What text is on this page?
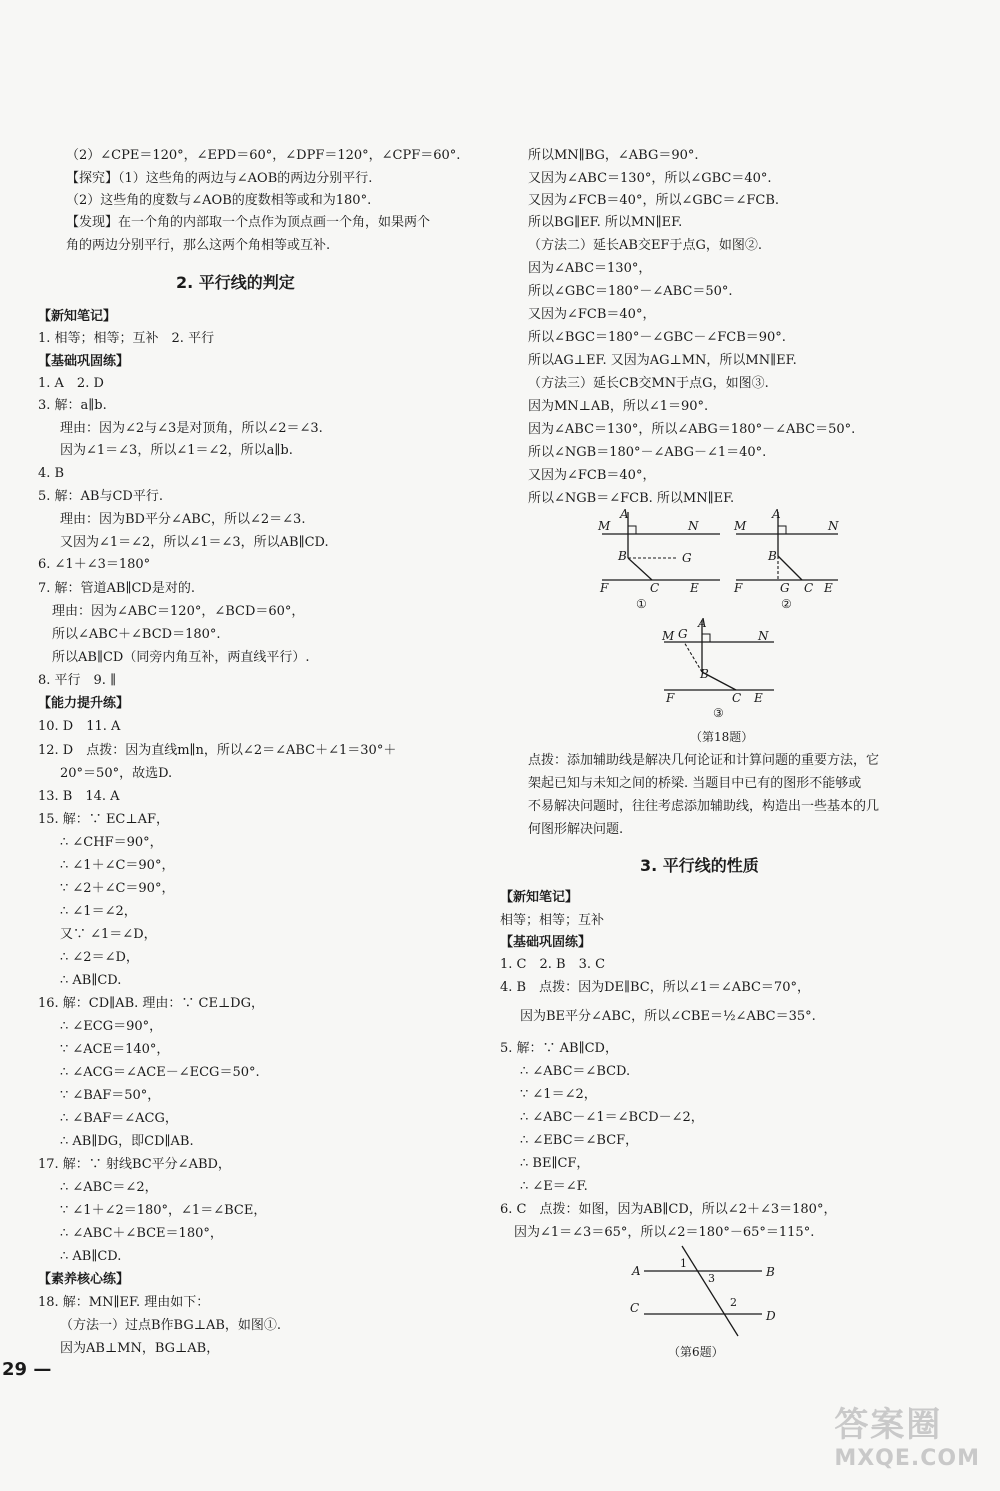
（2）∠CPE＝120°，∠EPD＝60°，∠DPF＝120°，∠CPF＝60°.
【探究】（1）这些角的两边与∠AOB的两边分别平行.
（2）这些角的度数与∠AOB的度数相等或和为180°.
【发现】在一个角的内部取一个点作为顶点画一个角，如果两个
角的两边分别平行，那么这两个角相等或互补.
2. 平行线的判定
【新知笔记】
1. 相等；相等；互补　2. 平行
【基础巩固练】
1. A　2. D
3. 解：a∥b.
理由：因为∠2与∠3是对顶角，所以∠2＝∠3.
因为∠1＝∠3，所以∠1＝∠2，所以a∥b.
4. B
5. 解：AB与CD平行.
理由：因为BD平分∠ABC，所以∠2＝∠3.
又因为∠1＝∠2，所以∠1＝∠3，所以AB∥CD.
6. ∠1＋∠3＝180°
7. 解：管道AB∥CD是对的.
理由：因为∠ABC＝120°，∠BCD＝60°，
所以∠ABC＋∠BCD＝180°.
所以AB∥CD（同旁内角互补，两直线平行）.
8. 平行　9. ∥
【能力提升练】
10. D　11. A
12. D　点拨：因为直线m∥n，所以∠2＝∠ABC＋∠1＝30°＋
20°＝50°，故选D.
13. B　14. A
15. 解：∵ EC⊥AF，
∴ ∠CHF＝90°，
∴ ∠1＋∠C＝90°，
∵ ∠2＋∠C＝90°，
∴ ∠1＝∠2，
又∵ ∠1＝∠D，
∴ ∠2＝∠D，
∴ AB∥CD.
16. 解：CD∥AB. 理由：∵ CE⊥DG，
∴ ∠ECG＝90°，
∵ ∠ACE＝140°，
∴ ∠ACG＝∠ACE－∠ECG＝50°.
∵ ∠BAF＝50°，
∴ ∠BAF＝∠ACG，
∴ AB∥DG，即CD∥AB.
17. 解：∵ 射线BC平分∠ABD，
∴ ∠ABC＝∠2，
∵ ∠1＋∠2＝180°，∠1＝∠BCE，
∴ ∠ABC＋∠BCE＝180°，
∴ AB∥CD.
【素养核心练】
18. 解：MN∥EF. 理由如下：
（方法一）过点B作BG⊥AB，如图①.
因为AB⊥MN，BG⊥AB，
所以MN∥BG，∠ABG＝90°.
又因为∠ABC＝130°，所以∠GBC＝40°.
又因为∠FCB＝40°，所以∠GBC＝∠FCB.
所以BG∥EF. 所以MN∥EF.
（方法二）延长AB交EF于点G，如图②.
因为∠ABC＝130°，
所以∠GBC＝180°－∠ABC＝50°.
又因为∠FCB＝40°，
所以∠BGC＝180°－∠GBC－∠FCB＝90°.
所以AG⊥EF. 又因为AG⊥MN，所以MN∥EF.
（方法三）延长CB交MN于点G，如图③.
因为MN⊥AB，所以∠1＝90°.
因为∠ABC＝130°，所以∠ABG＝180°－∠ABC＝50°.
所以∠NGB＝180°－∠ABG－∠1＝40°.
又因为∠FCB＝40°，
所以∠NGB＝∠FCB. 所以MN∥EF.
A
M	N
B	G
F	C	E
①
A
M	N
B
F	G C E
②
A
M G	N
B
F	C E
③
（第18题）
点拨：添加辅助线是解决几何论证和计算问题的重要方法，它
架起已知与未知之间的桥梁. 当题目中已有的图形不能够或
不易解决问题时，往往考虑添加辅助线，构造出一些基本的几
何图形解决问题.
3. 平行线的性质
【新知笔记】
相等；相等；互补
【基础巩固练】
1. C　2. B　3. C
4. B　点拨：因为DE∥BC，所以∠1＝∠ABC＝70°，
因为BE平分∠ABC，所以∠CBE＝½∠ABC＝35°.
5. 解：∵ AB∥CD，
∴ ∠ABC＝∠BCD.
∵ ∠1＝∠2，
∴ ∠ABC－∠1＝∠BCD－∠2，
∴ ∠EBC＝∠BCF，
∴ BE∥CF，
∴ ∠E＝∠F.
6. C　点拨：如图，因为AB∥CD，所以∠2＋∠3＝180°，
因为∠1＝∠3＝65°，所以∠2＝180°－65°＝115°.
A	B
C
D
1
3
2
（第6题）
29 —
答案圈
MXQE.COM
